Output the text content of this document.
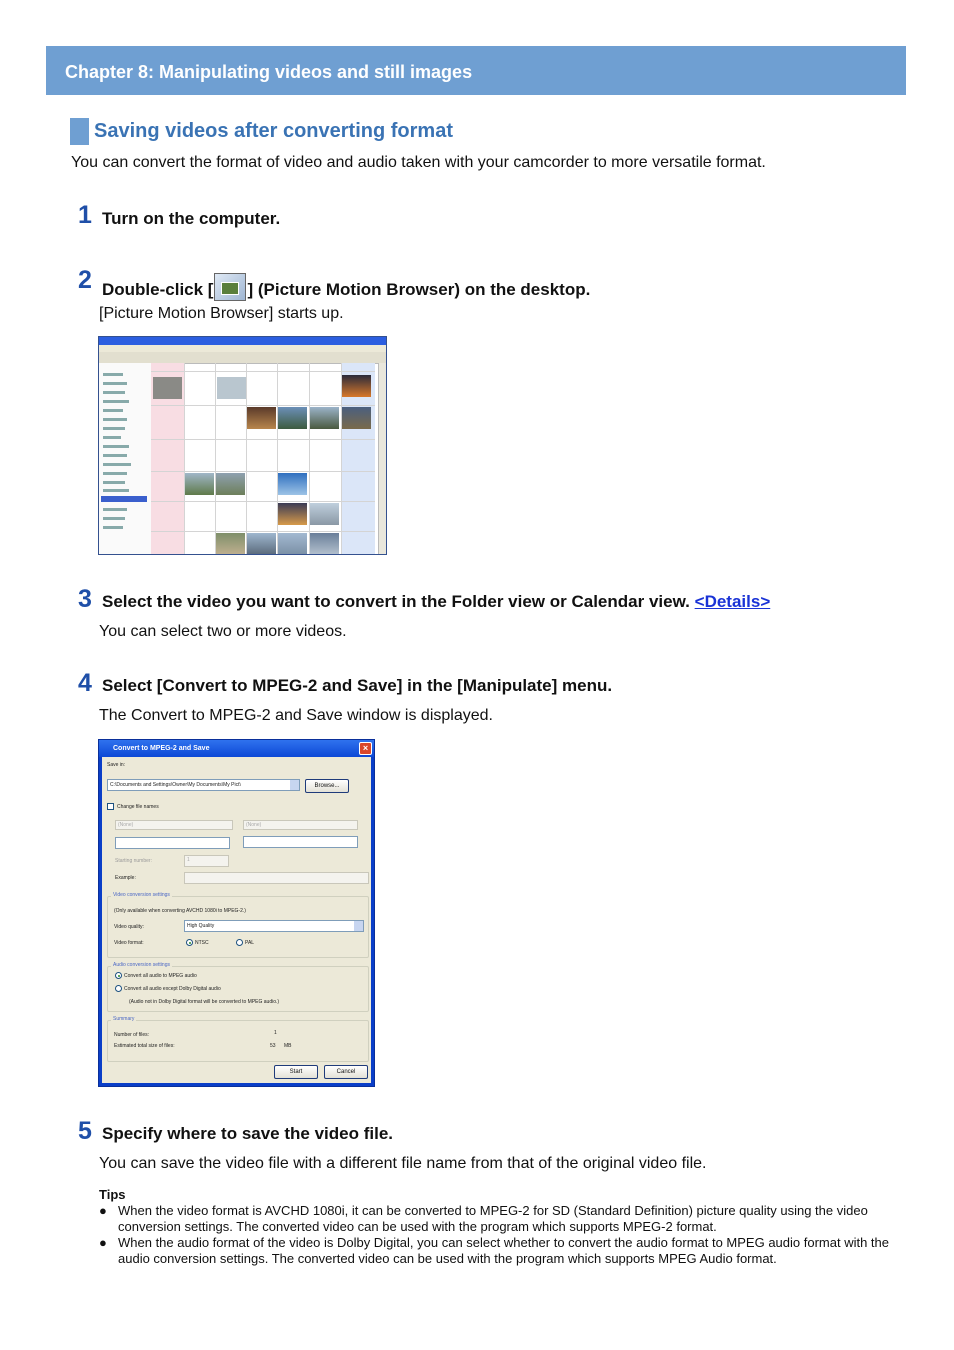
Chapter 8: Manipulating videos and still images
Saving videos after converting format
You can convert the format of video and audio taken with your camcorder to more versatile format.
1 Turn on the computer.
2 Double-click [ ] (Picture Motion Browser) on the desktop.
[Picture Motion Browser] starts up.
3 Select the video you want to convert in the Folder view or Calendar view. <Details>
You can select two or more videos.
4 Select [Convert to MPEG-2 and Save] in the [Manipulate] menu.
The Convert to MPEG-2 and Save window is displayed.
Convert to MPEG-2 and Save	×
Save in:
C:\Documents and Settings\Owner\My Documents\My Pict\	Browse...
Change file names
(None)	(None)
Starting number:	1
Example:
Video conversion settings
(Only available when converting AVCHD 1080i to MPEG-2.)
Video quality:	High Quality
Video format:	NTSC	PAL
Audio conversion settings
Convert all audio to MPEG audio
Convert all audio except Dolby Digital audio
(Audio not in Dolby Digital format will be converted to MPEG audio.)
Summary
Number of files:	1
Estimated total size of files:	53 MB
Start	Cancel
5 Specify where to save the video file.
You can save the video file with a different file name from that of the original video file.
Tips
● When the video format is AVCHD 1080i, it can be converted to MPEG-2 for SD (Standard Definition) picture quality using the video conversion settings. The converted video can be used with the program which supports MPEG-2 format.
● When the audio format of the video is Dolby Digital, you can select whether to convert the audio format to MPEG audio format with the audio conversion settings. The converted video can be used with the program which supports MPEG Audio format.
